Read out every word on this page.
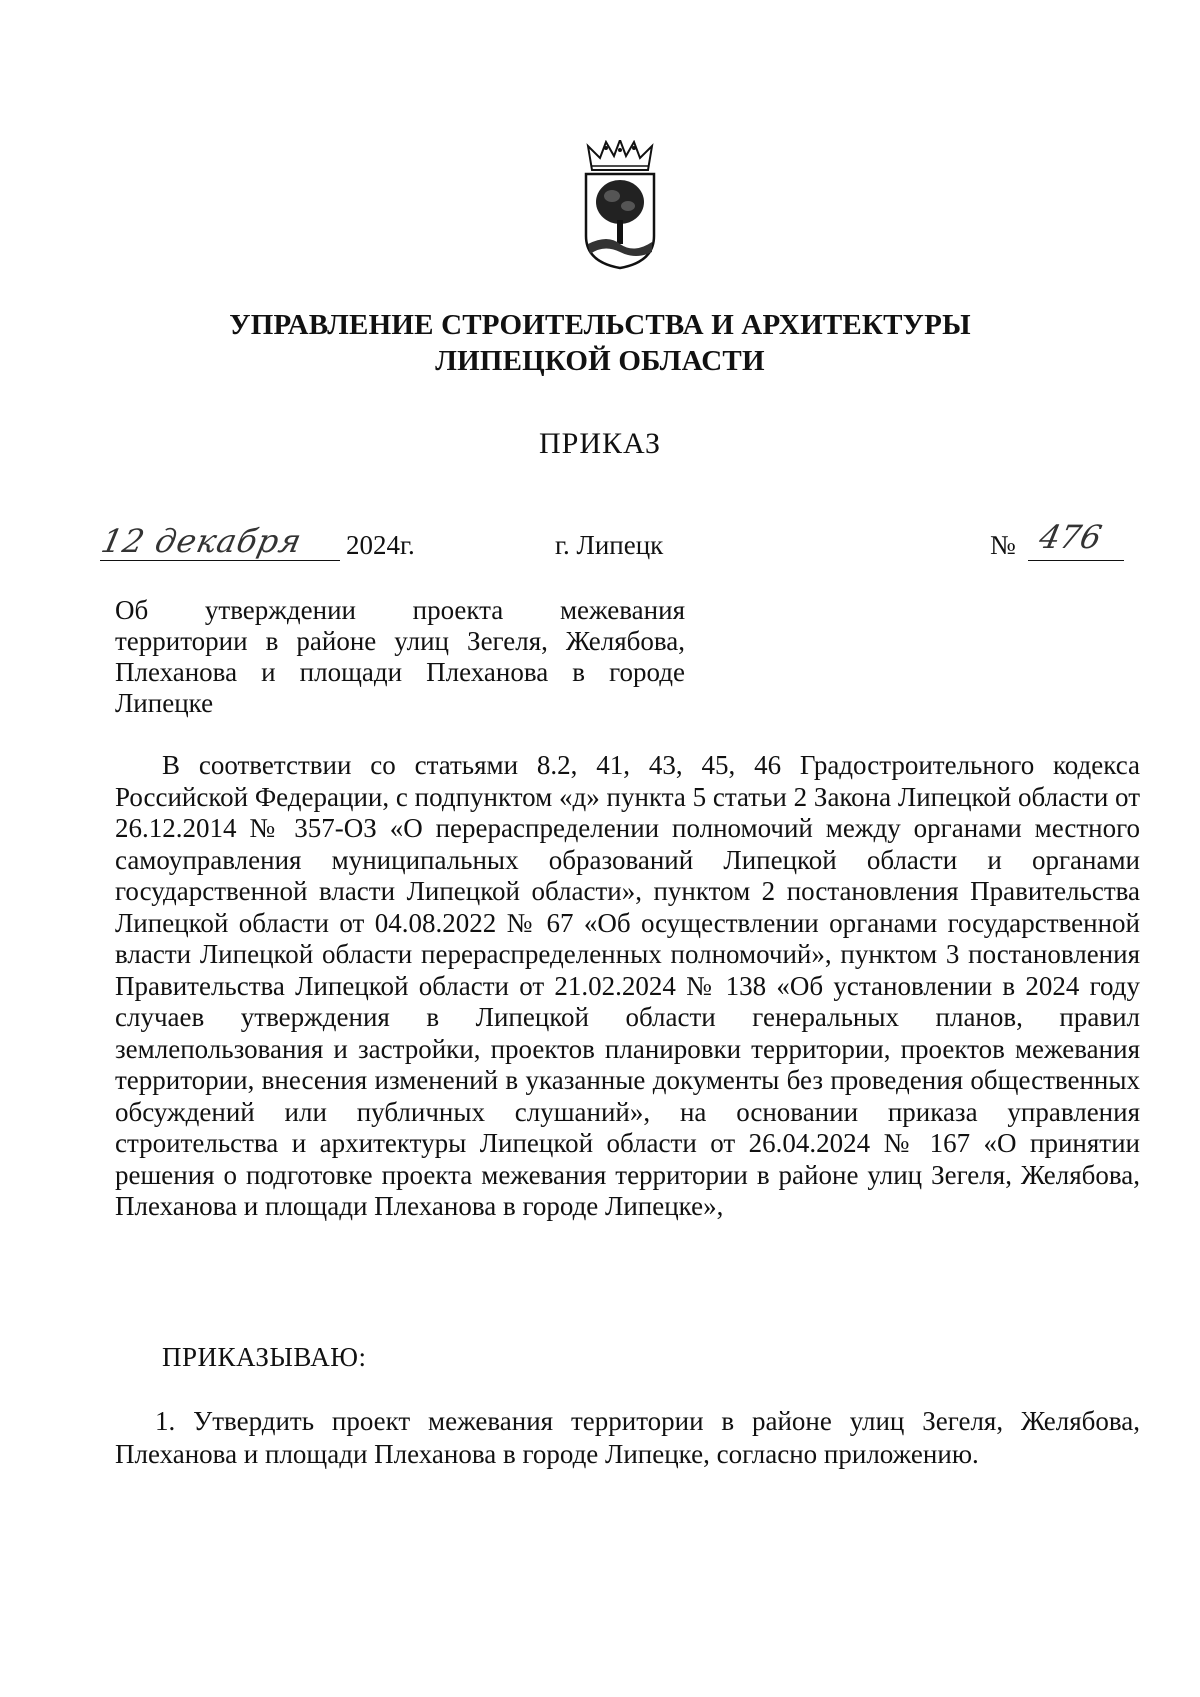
УПРАВЛЕНИЕ СТРОИТЕЛЬСТВА И АРХИТЕКТУРЫ
ЛИПЕЦКОЙ ОБЛАСТИ
ПРИКАЗ
12 декабря 2024г.	г. Липецк	№ 476
Об утверждении проекта межевания
территории в районе улиц Зегеля, Желябова,
Плеханова и площади Плеханова в городе
Липецке

В соответствии со статьями 8.2, 41, 43, 45, 46 Градостроительного кодекса Российской Федерации, с подпунктом «д» пункта 5 статьи 2 Закона Липецкой области от 26.12.2014 № 357-ОЗ «О перераспределении полномочий между органами местного самоуправления муниципальных образований Липецкой области и органами государственной власти Липецкой области», пунктом 2 постановления Правительства Липецкой области от 04.08.2022 № 67 «Об осуществлении органами государственной власти Липецкой области перераспределенных полномочий», пунктом 3 постановления Правительства Липецкой области от 21.02.2024 № 138 «Об установлении в 2024 году случаев утверждения в Липецкой области генеральных планов, правил землепользования и застройки, проектов планировки территории, проектов межевания территории, внесения изменений в указанные документы без проведения общественных обсуждений или публичных слушаний», на основании приказа управления строительства и архитектуры Липецкой области от 26.04.2024 № 167 «О принятии решения о подготовке проекта межевания территории в районе улиц Зегеля, Желябова, Плеханова и площади Плеханова в городе Липецке»,

ПРИКАЗЫВАЮ:

1. Утвердить проект межевания территории в районе улиц Зегеля, Желябова, Плеханова и площади Плеханова в городе Липецке, согласно приложению.
